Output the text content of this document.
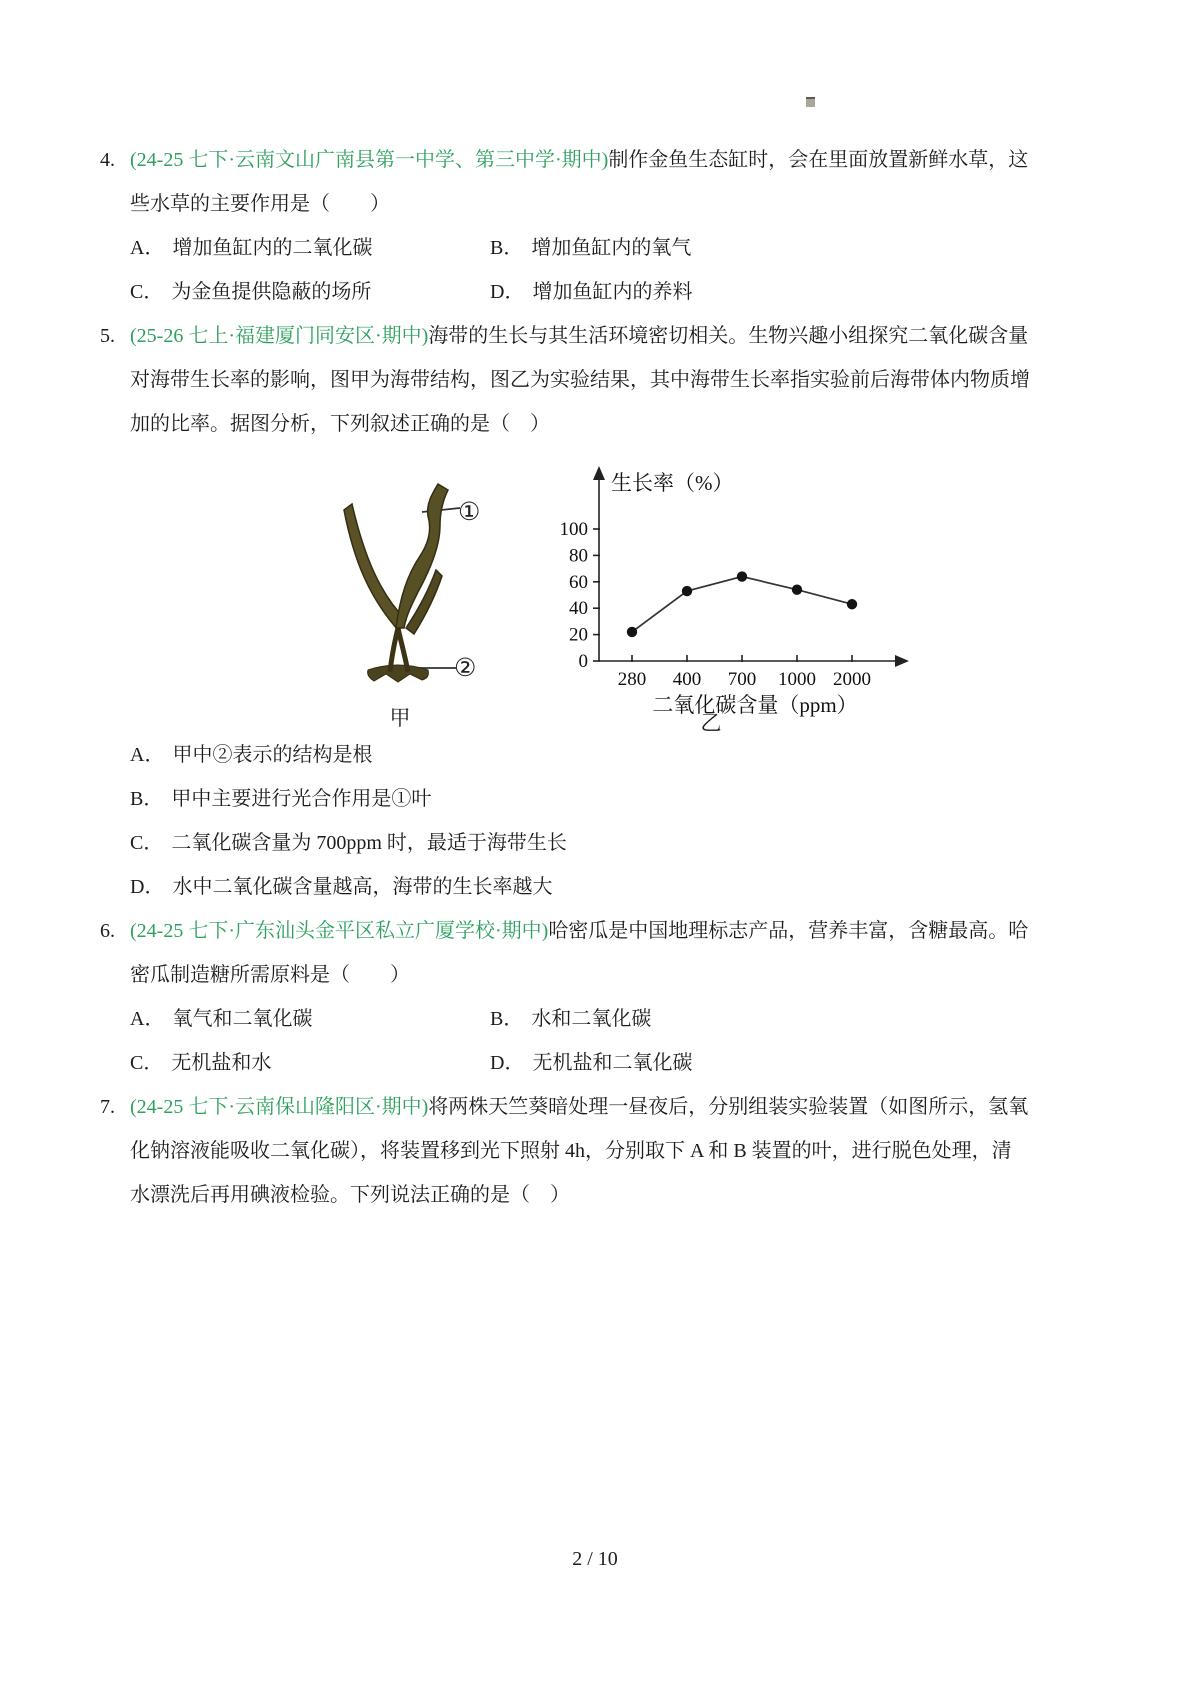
4. (24-25 七下·云南文山广南县第一中学、第三中学·期中)制作金鱼生态缸时，会在里面放置新鲜水草，这
些水草的主要作用是（　　）
A． 增加鱼缸内的二氧化碳	B． 增加鱼缸内的氧气
C． 为金鱼提供隐蔽的场所	D． 增加鱼缸内的养料
5. (25-26 七上·福建厦门同安区·期中)海带的生长与其生活环境密切相关。生物兴趣小组探究二氧化碳含量
对海带生长率的影响，图甲为海带结构，图乙为实验结果，其中海带生长率指实验前后海带体内物质增
加的比率。据图分析，下列叙述正确的是（　）
①
②
甲
生长率（%）
二氧化碳含量（ppm）
0
20
40
60
80
100
280 400 700 1000 2000
乙
A． 甲中②表示的结构是根
B． 甲中主要进行光合作用是①叶
C． 二氧化碳含量为 700ppm 时，最适于海带生长
D． 水中二氧化碳含量越高，海带的生长率越大
6. (24-25 七下·广东汕头金平区私立广厦学校·期中)哈密瓜是中国地理标志产品，营养丰富，含糖最高。哈
密瓜制造糖所需原料是（　　）
A． 氧气和二氧化碳	B． 水和二氧化碳
C． 无机盐和水	D． 无机盐和二氧化碳
7. (24-25 七下·云南保山隆阳区·期中)将两株天竺葵暗处理一昼夜后，分别组装实验装置（如图所示，氢氧
化钠溶液能吸收二氧化碳），将装置移到光下照射 4h，分别取下 A 和 B 装置的叶，进行脱色处理，清
水漂洗后再用碘液检验。下列说法正确的是（　）
2 / 10
